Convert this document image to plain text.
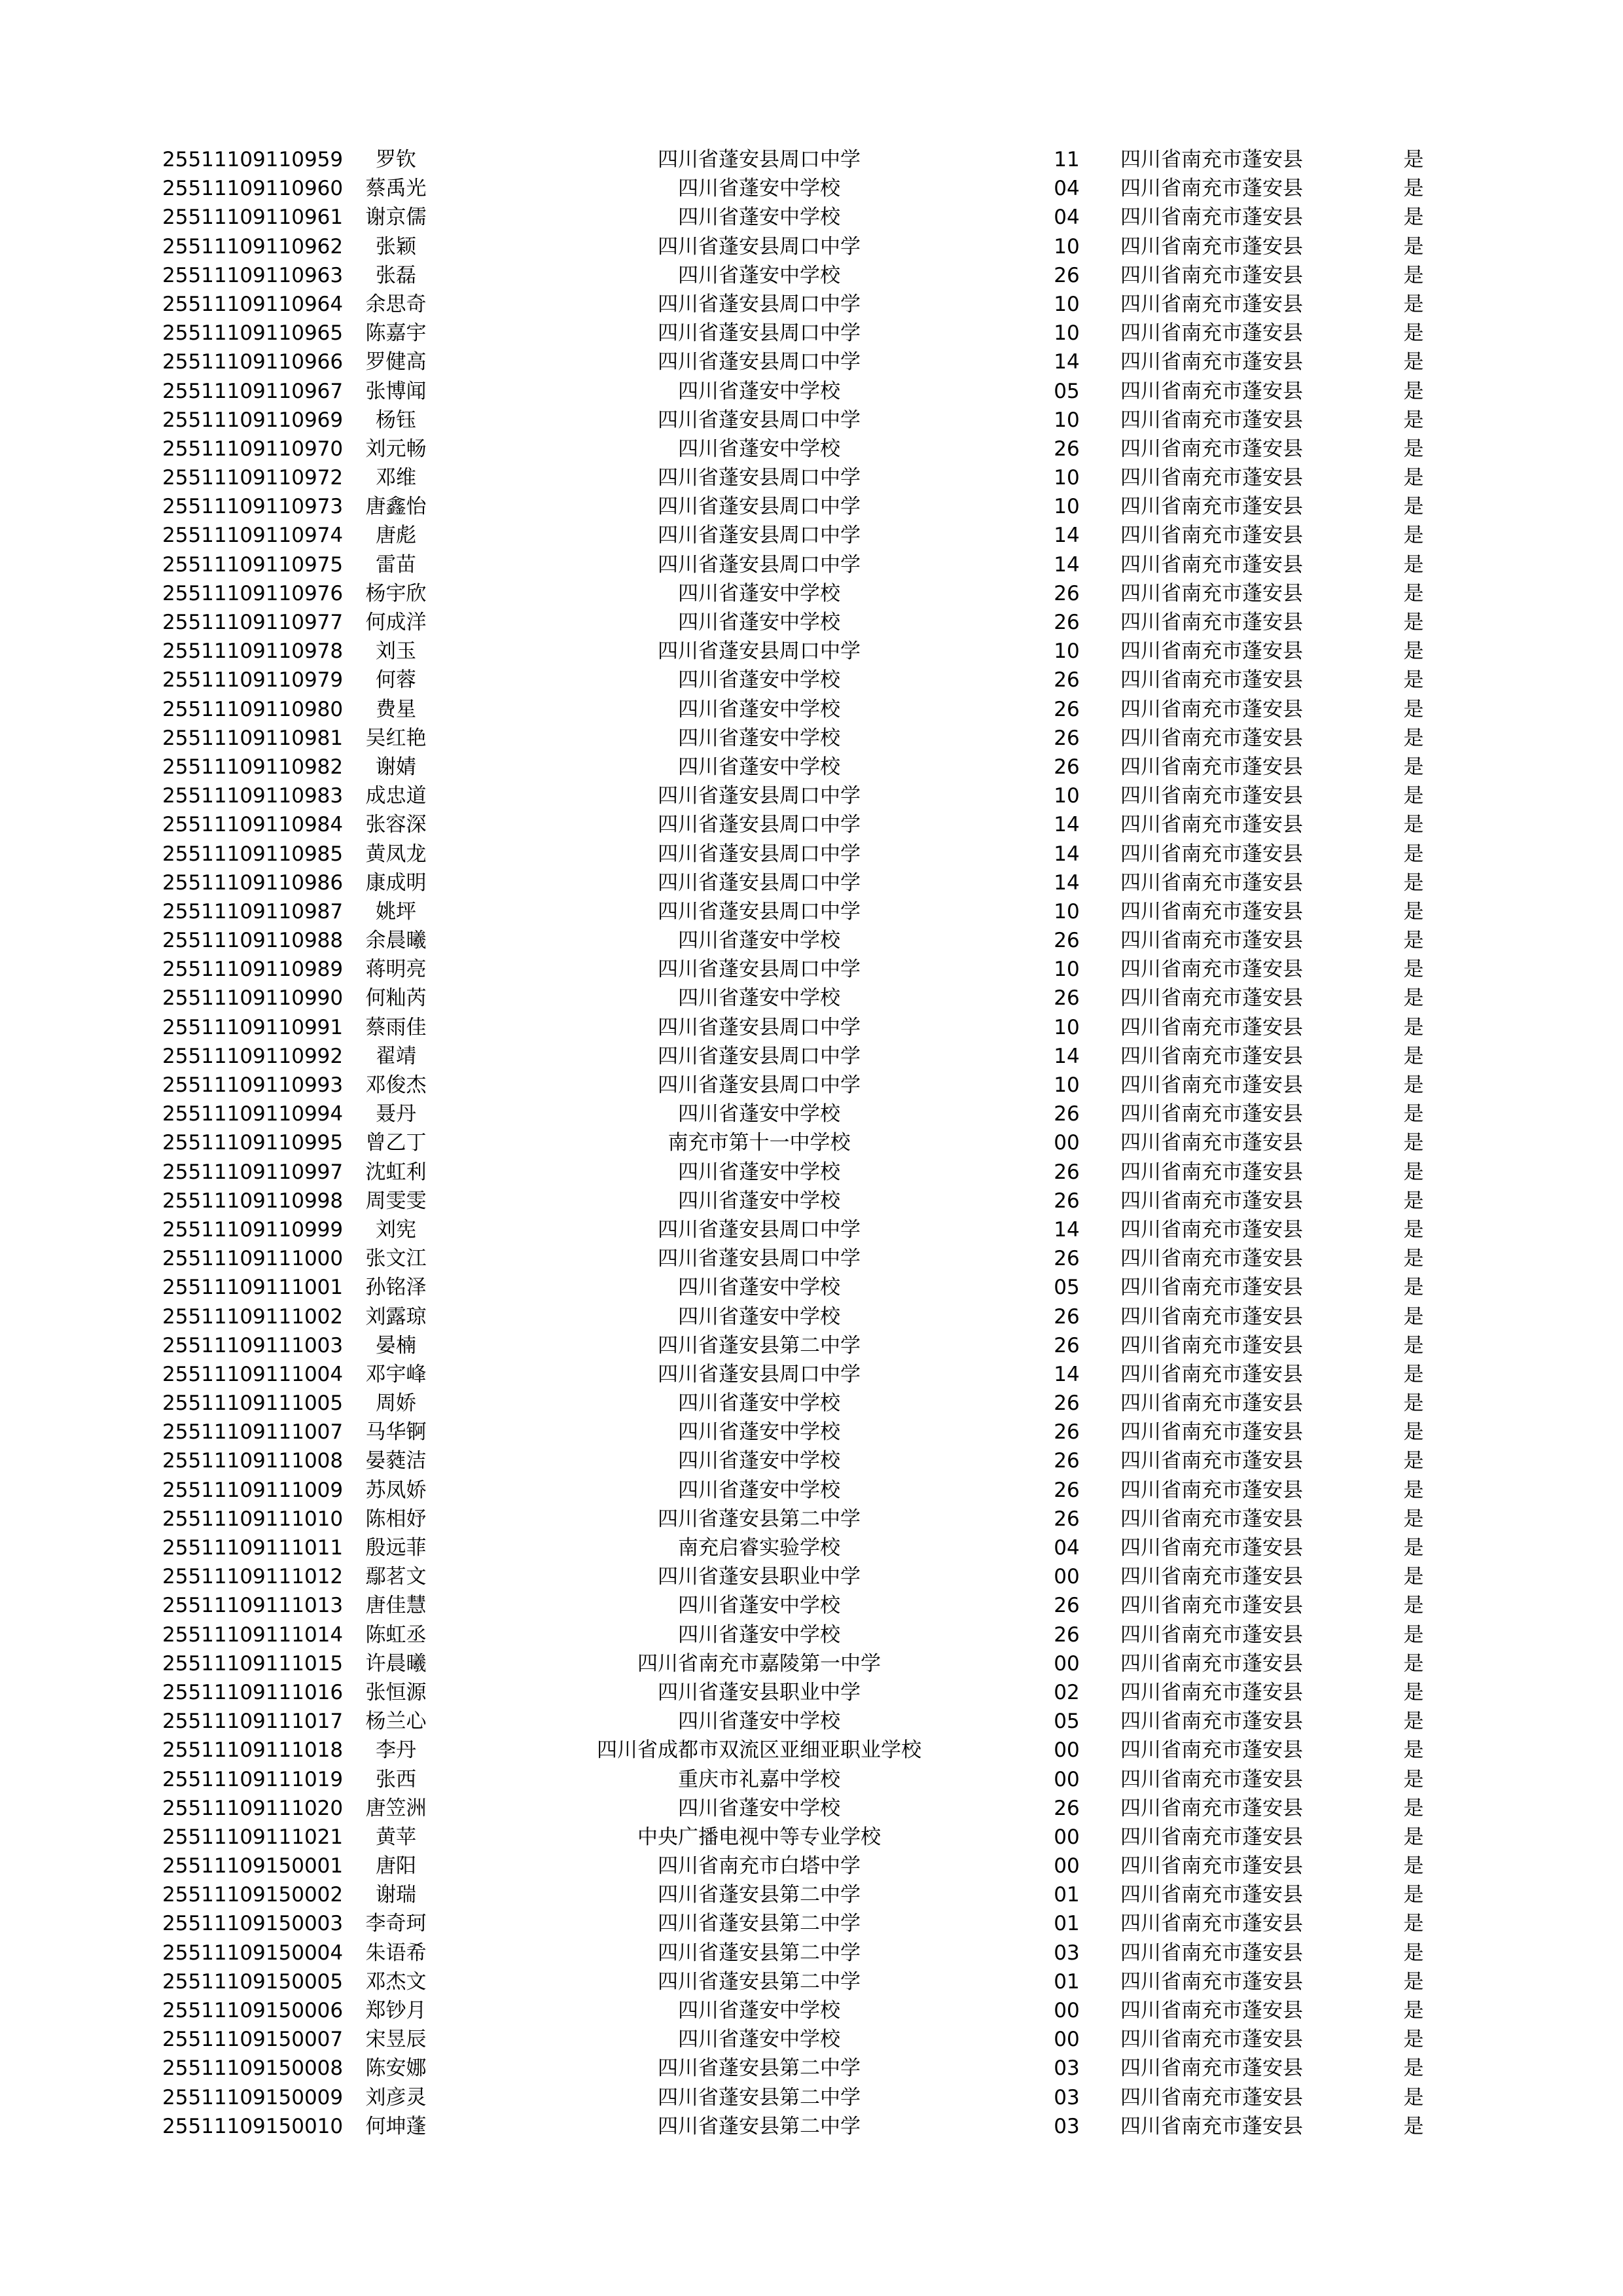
25511109110959	罗钦	四川省蓬安县周口中学	11	四川省南充市蓬安县	是
25511109110960	蔡禹光	四川省蓬安中学校	04	四川省南充市蓬安县	是
25511109110961	谢京儒	四川省蓬安中学校	04	四川省南充市蓬安县	是
25511109110962	张颖	四川省蓬安县周口中学	10	四川省南充市蓬安县	是
25511109110963	张磊	四川省蓬安中学校	26	四川省南充市蓬安县	是
25511109110964	余思奇	四川省蓬安县周口中学	10	四川省南充市蓬安县	是
25511109110965	陈嘉宇	四川省蓬安县周口中学	10	四川省南充市蓬安县	是
25511109110966	罗健高	四川省蓬安县周口中学	14	四川省南充市蓬安县	是
25511109110967	张博闻	四川省蓬安中学校	05	四川省南充市蓬安县	是
25511109110969	杨钰	四川省蓬安县周口中学	10	四川省南充市蓬安县	是
25511109110970	刘元畅	四川省蓬安中学校	26	四川省南充市蓬安县	是
25511109110972	邓维	四川省蓬安县周口中学	10	四川省南充市蓬安县	是
25511109110973	唐鑫怡	四川省蓬安县周口中学	10	四川省南充市蓬安县	是
25511109110974	唐彪	四川省蓬安县周口中学	14	四川省南充市蓬安县	是
25511109110975	雷苗	四川省蓬安县周口中学	14	四川省南充市蓬安县	是
25511109110976	杨宇欣	四川省蓬安中学校	26	四川省南充市蓬安县	是
25511109110977	何成洋	四川省蓬安中学校	26	四川省南充市蓬安县	是
25511109110978	刘玉	四川省蓬安县周口中学	10	四川省南充市蓬安县	是
25511109110979	何蓉	四川省蓬安中学校	26	四川省南充市蓬安县	是
25511109110980	费星	四川省蓬安中学校	26	四川省南充市蓬安县	是
25511109110981	吴红艳	四川省蓬安中学校	26	四川省南充市蓬安县	是
25511109110982	谢婧	四川省蓬安中学校	26	四川省南充市蓬安县	是
25511109110983	成忠道	四川省蓬安县周口中学	10	四川省南充市蓬安县	是
25511109110984	张容深	四川省蓬安县周口中学	14	四川省南充市蓬安县	是
25511109110985	黄凤龙	四川省蓬安县周口中学	14	四川省南充市蓬安县	是
25511109110986	康成明	四川省蓬安县周口中学	14	四川省南充市蓬安县	是
25511109110987	姚坪	四川省蓬安县周口中学	10	四川省南充市蓬安县	是
25511109110988	余晨曦	四川省蓬安中学校	26	四川省南充市蓬安县	是
25511109110989	蒋明亮	四川省蓬安县周口中学	10	四川省南充市蓬安县	是
25511109110990	何籼芮	四川省蓬安中学校	26	四川省南充市蓬安县	是
25511109110991	蔡雨佳	四川省蓬安县周口中学	10	四川省南充市蓬安县	是
25511109110992	翟靖	四川省蓬安县周口中学	14	四川省南充市蓬安县	是
25511109110993	邓俊杰	四川省蓬安县周口中学	10	四川省南充市蓬安县	是
25511109110994	聂丹	四川省蓬安中学校	26	四川省南充市蓬安县	是
25511109110995	曾乙丁	南充市第十一中学校	00	四川省南充市蓬安县	是
25511109110997	沈虹利	四川省蓬安中学校	26	四川省南充市蓬安县	是
25511109110998	周雯雯	四川省蓬安中学校	26	四川省南充市蓬安县	是
25511109110999	刘宪	四川省蓬安县周口中学	14	四川省南充市蓬安县	是
25511109111000	张文江	四川省蓬安县周口中学	26	四川省南充市蓬安县	是
25511109111001	孙铭泽	四川省蓬安中学校	05	四川省南充市蓬安县	是
25511109111002	刘露琼	四川省蓬安中学校	26	四川省南充市蓬安县	是
25511109111003	晏楠	四川省蓬安县第二中学	26	四川省南充市蓬安县	是
25511109111004	邓宇峰	四川省蓬安县周口中学	14	四川省南充市蓬安县	是
25511109111005	周娇	四川省蓬安中学校	26	四川省南充市蓬安县	是
25511109111007	马华锕	四川省蓬安中学校	26	四川省南充市蓬安县	是
25511109111008	晏蕤洁	四川省蓬安中学校	26	四川省南充市蓬安县	是
25511109111009	苏凤娇	四川省蓬安中学校	26	四川省南充市蓬安县	是
25511109111010	陈相妤	四川省蓬安县第二中学	26	四川省南充市蓬安县	是
25511109111011	殷远菲	南充启睿实验学校	04	四川省南充市蓬安县	是
25511109111012	鄢茗文	四川省蓬安县职业中学	00	四川省南充市蓬安县	是
25511109111013	唐佳慧	四川省蓬安中学校	26	四川省南充市蓬安县	是
25511109111014	陈虹丞	四川省蓬安中学校	26	四川省南充市蓬安县	是
25511109111015	许晨曦	四川省南充市嘉陵第一中学	00	四川省南充市蓬安县	是
25511109111016	张恒源	四川省蓬安县职业中学	02	四川省南充市蓬安县	是
25511109111017	杨兰心	四川省蓬安中学校	05	四川省南充市蓬安县	是
25511109111018	李丹	四川省成都市双流区亚细亚职业学校	00	四川省南充市蓬安县	是
25511109111019	张西	重庆市礼嘉中学校	00	四川省南充市蓬安县	是
25511109111020	唐笠洲	四川省蓬安中学校	26	四川省南充市蓬安县	是
25511109111021	黄苹	中央广播电视中等专业学校	00	四川省南充市蓬安县	是
25511109150001	唐阳	四川省南充市白塔中学	00	四川省南充市蓬安县	是
25511109150002	谢瑞	四川省蓬安县第二中学	01	四川省南充市蓬安县	是
25511109150003	李奇珂	四川省蓬安县第二中学	01	四川省南充市蓬安县	是
25511109150004	朱语希	四川省蓬安县第二中学	03	四川省南充市蓬安县	是
25511109150005	邓杰文	四川省蓬安县第二中学	01	四川省南充市蓬安县	是
25511109150006	郑钞月	四川省蓬安中学校	00	四川省南充市蓬安县	是
25511109150007	宋昱辰	四川省蓬安中学校	00	四川省南充市蓬安县	是
25511109150008	陈安娜	四川省蓬安县第二中学	03	四川省南充市蓬安县	是
25511109150009	刘彦灵	四川省蓬安县第二中学	03	四川省南充市蓬安县	是
25511109150010	何坤蓬	四川省蓬安县第二中学	03	四川省南充市蓬安县	是
